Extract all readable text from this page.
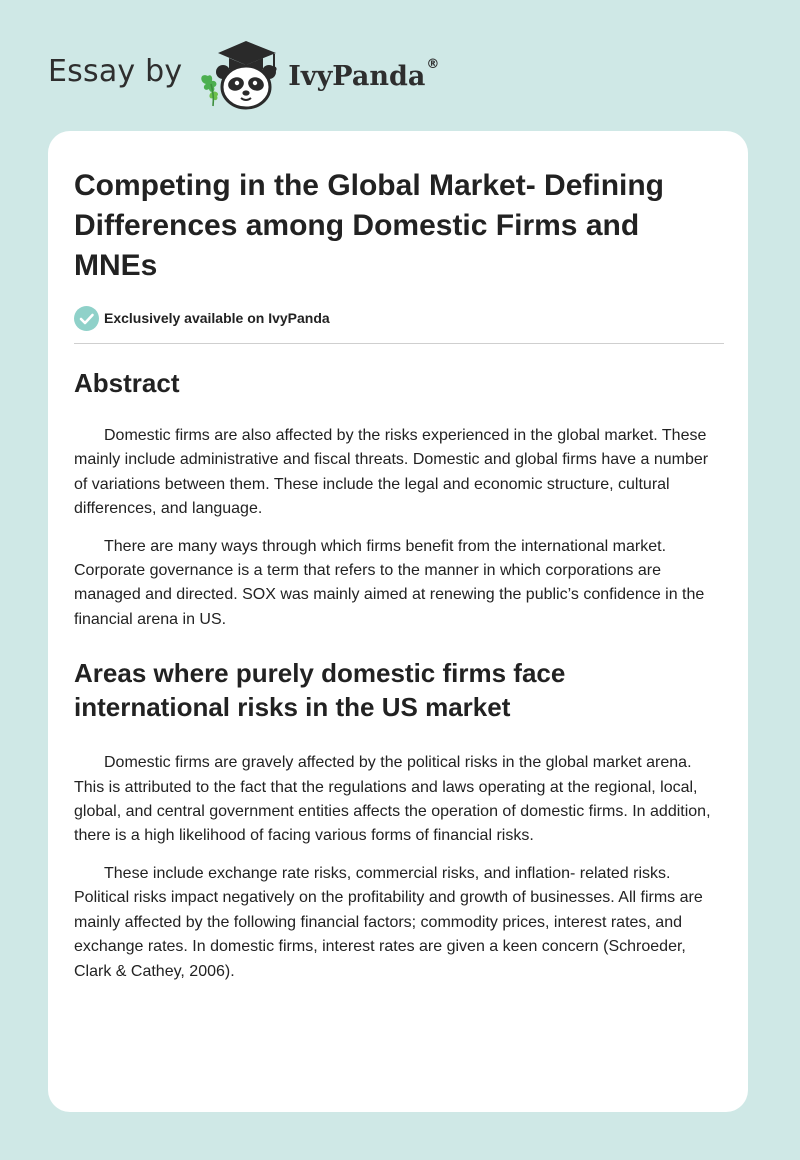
Essay by	IvyPanda®
Competing in the Global Market- Defining Differences among Domestic Firms and MNEs
Exclusively available on IvyPanda
Abstract

Domestic firms are also affected by the risks experienced in the global market. These mainly include administrative and fiscal threats. Domestic and global firms have a number of variations between them. These include the legal and economic structure, cultural differences, and language.

There are many ways through which firms benefit from the international market. Corporate governance is a term that refers to the manner in which corporations are managed and directed. SOX was mainly aimed at renewing the public’s confidence in the financial arena in US.

Areas where purely domestic firms face international risks in the US market

Domestic firms are gravely affected by the political risks in the global market arena. This is attributed to the fact that the regulations and laws operating at the regional, local, global, and central government entities affects the operation of domestic firms. In addition, there is a high likelihood of facing various forms of financial risks.

These include exchange rate risks, commercial risks, and inflation- related risks. Political risks impact negatively on the profitability and growth of businesses. All firms are mainly affected by the following financial factors; commodity prices, interest rates, and exchange rates. In domestic firms, interest rates are given a keen concern (Schroeder, Clark & Cathey, 2006).
